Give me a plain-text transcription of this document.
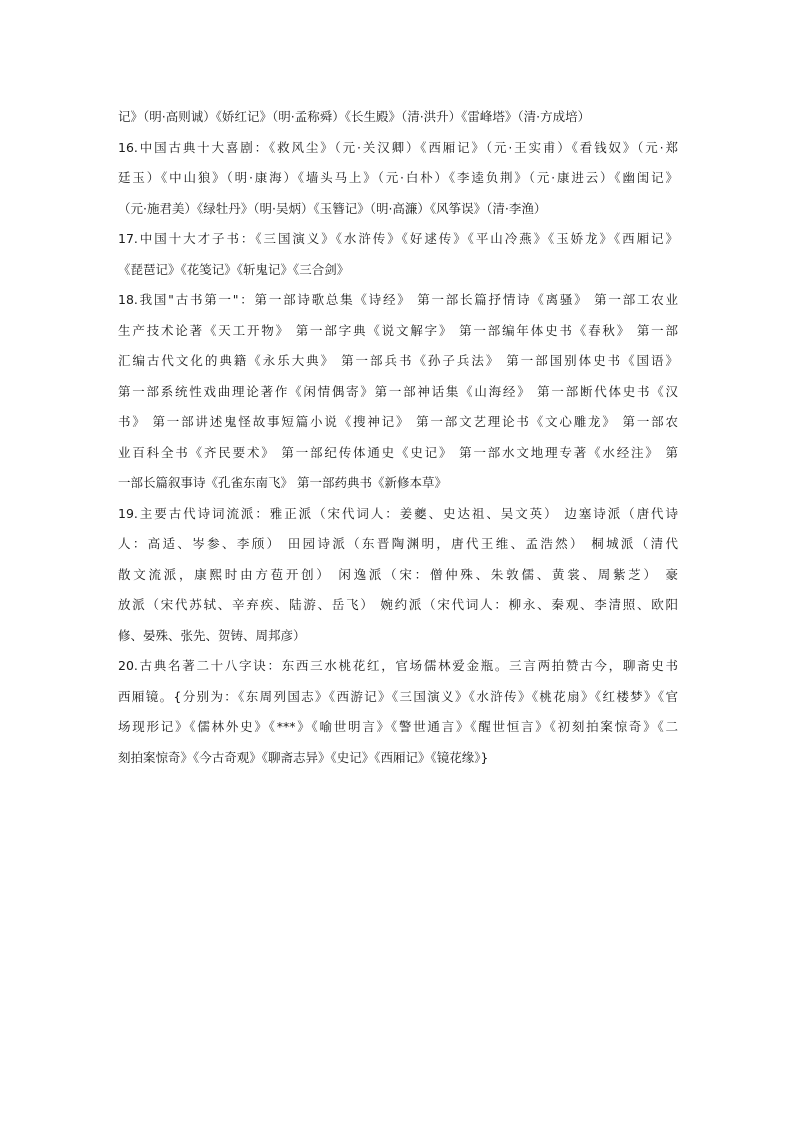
记》（明·高则诚）《娇红记》（明·孟称舜）《长生殿》（清·洪升）《雷峰塔》（清·方成培）
16.中国古典十大喜剧：《救风尘》（元·关汉卿）《西厢记》（元·王实甫）《看钱奴》（元·郑
廷玉）《中山狼》（明·康海）《墙头马上》（元·白朴）《李逵负荆》（元·康进云）《幽闺记》
（元·施君美）《绿牡丹》（明·吴炳）《玉簪记》（明·高濂）《风筝误》（清·李渔）
17.中国十大才子书：《三国演义》《水浒传》《好逑传》《平山冷燕》《玉娇龙》《西厢记》
《琵琶记》《花笺记》《斩鬼记》《三合剑》
18.我国"古书第一"：第一部诗歌总集《诗经》 第一部长篇抒情诗《离骚》 第一部工农业
生产技术论著《天工开物》 第一部字典《说文解字》 第一部编年体史书《春秋》 第一部
汇编古代文化的典籍《永乐大典》 第一部兵书《孙子兵法》 第一部国别体史书《国语》
第一部系统性戏曲理论著作《闲情偶寄》第一部神话集《山海经》 第一部断代体史书《汉
书》 第一部讲述鬼怪故事短篇小说《搜神记》 第一部文艺理论书《文心雕龙》 第一部农
业百科全书《齐民要术》 第一部纪传体通史《史记》 第一部水文地理专著《水经注》 第
一部长篇叙事诗《孔雀东南飞》 第一部药典书《新修本草》
19.主要古代诗词流派：雅正派（宋代词人：姜夔、史达祖、吴文英） 边塞诗派（唐代诗
人：高适、岑参、李颀） 田园诗派（东晋陶渊明，唐代王维、孟浩然） 桐城派（清代
散文流派，康熙时由方苞开创） 闲逸派（宋：僧仲殊、朱敦儒、黄裳、周紫芝） 豪
放派（宋代苏轼、辛弃疾、陆游、岳飞） 婉约派（宋代词人：柳永、秦观、李清照、欧阳
修、晏殊、张先、贺铸、周邦彦）
20.古典名著二十八字诀：东西三水桃花红，官场儒林爱金瓶。三言两拍赞古今，聊斋史书
西厢镜。{分别为：《东周列国志》《西游记》《三国演义》《水浒传》《桃花扇》《红楼梦》《官
场现形记》《儒林外史》《***》《喻世明言》《警世通言》《醒世恒言》《初刻拍案惊奇》《二
刻拍案惊奇》《今古奇观》《聊斋志异》《史记》《西厢记》《镜花缘》}
